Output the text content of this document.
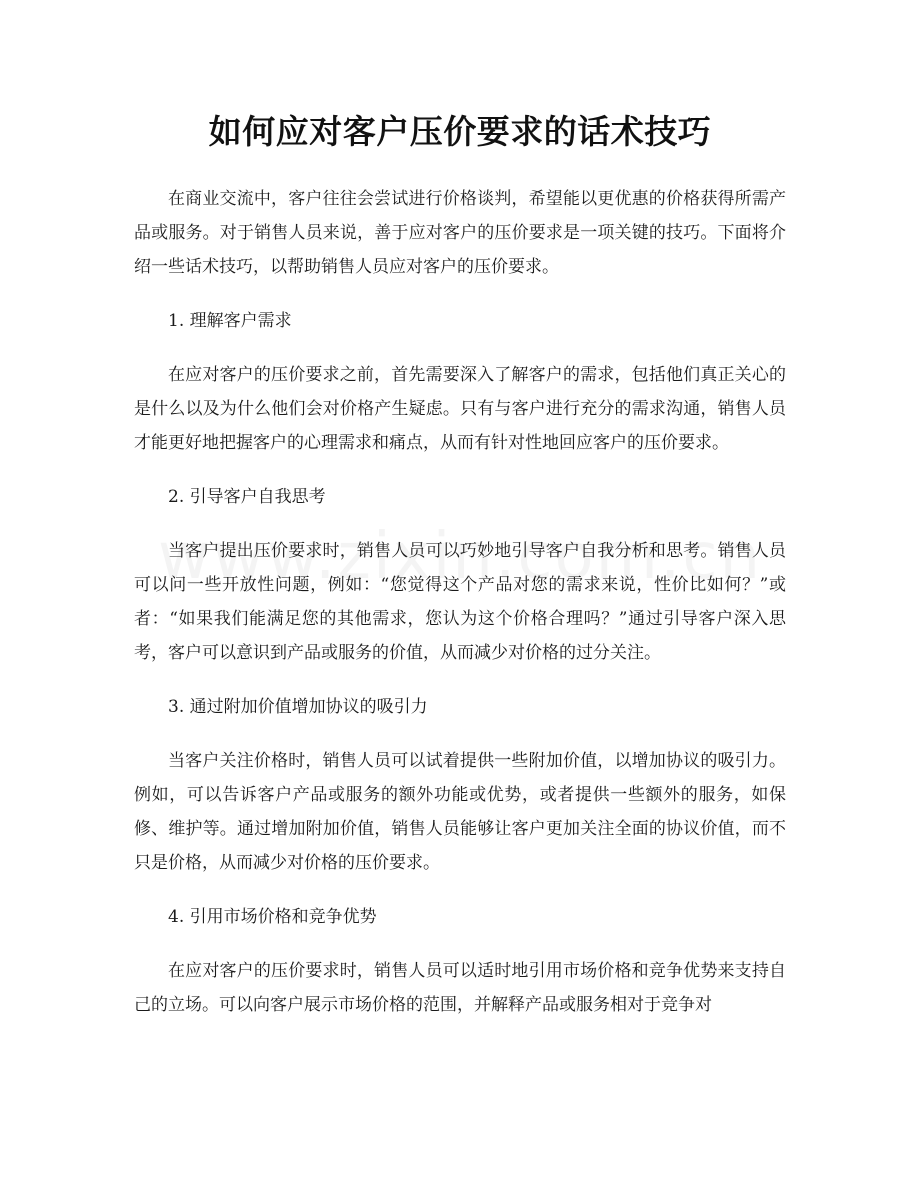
如何应对客户压价要求的话术技巧

在商业交流中，客户往往会尝试进行价格谈判，希望能以更优惠的价格获得所需产品或服务。对于销售人员来说，善于应对客户的压价要求是一项关键的技巧。下面将介绍一些话术技巧，以帮助销售人员应对客户的压价要求。

1. 理解客户需求

在应对客户的压价要求之前，首先需要深入了解客户的需求，包括他们真正关心的是什么以及为什么他们会对价格产生疑虑。只有与客户进行充分的需求沟通，销售人员才能更好地把握客户的心理需求和痛点，从而有针对性地回应客户的压价要求。

2. 引导客户自我思考

当客户提出压价要求时，销售人员可以巧妙地引导客户自我分析和思考。销售人员可以问一些开放性问题，例如：“您觉得这个产品对您的需求来说，性价比如何？”或者：“如果我们能满足您的其他需求，您认为这个价格合理吗？”通过引导客户深入思考，客户可以意识到产品或服务的价值，从而减少对价格的过分关注。

3. 通过附加价值增加协议的吸引力

当客户关注价格时，销售人员可以试着提供一些附加价值，以增加协议的吸引力。例如，可以告诉客户产品或服务的额外功能或优势，或者提供一些额外的服务，如保修、维护等。通过增加附加价值，销售人员能够让客户更加关注全面的协议价值，而不只是价格，从而减少对价格的压价要求。

4. 引用市场价格和竞争优势

在应对客户的压价要求时，销售人员可以适时地引用市场价格和竞争优势来支持自己的立场。可以向客户展示市场价格的范围，并解释产品或服务相对于竞争对
